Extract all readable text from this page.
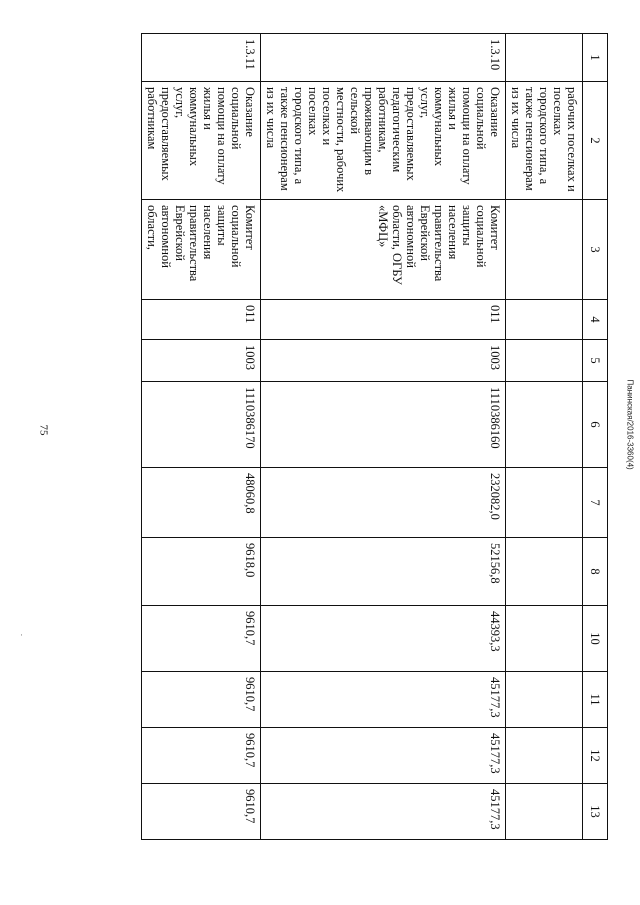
75	Панинская/2016-3360(4)
·
1	2	3	4	5	6	7	8	10	11	12	13
	рабочих поселках и поселках городского типа, а также пенсионерам из их числа										
1.3.10	Оказание социальной помощи на оплату жилья и коммунальных услуг, предоставляемых педагогическим работникам, проживающим в сельской местности, рабочих поселках и поселках городского типа, а также пенсионерам из их числа	Комитет социальной защиты населения правительства Еврейской автономной области, ОГБУ «МФЦ»	011	1003	1110386160	232082,0	52156,8	44393,3	45177,3	45177,3	45177,3
1.3.11	Оказание социальной помощи на оплату жилья и коммунальных услуг, предоставляемых работникам	Комитет социальной защиты населения правительства Еврейской автономной области,	011	1003	1110386170	48060,8	9618,0	9610,7	9610,7	9610,7	9610,7
